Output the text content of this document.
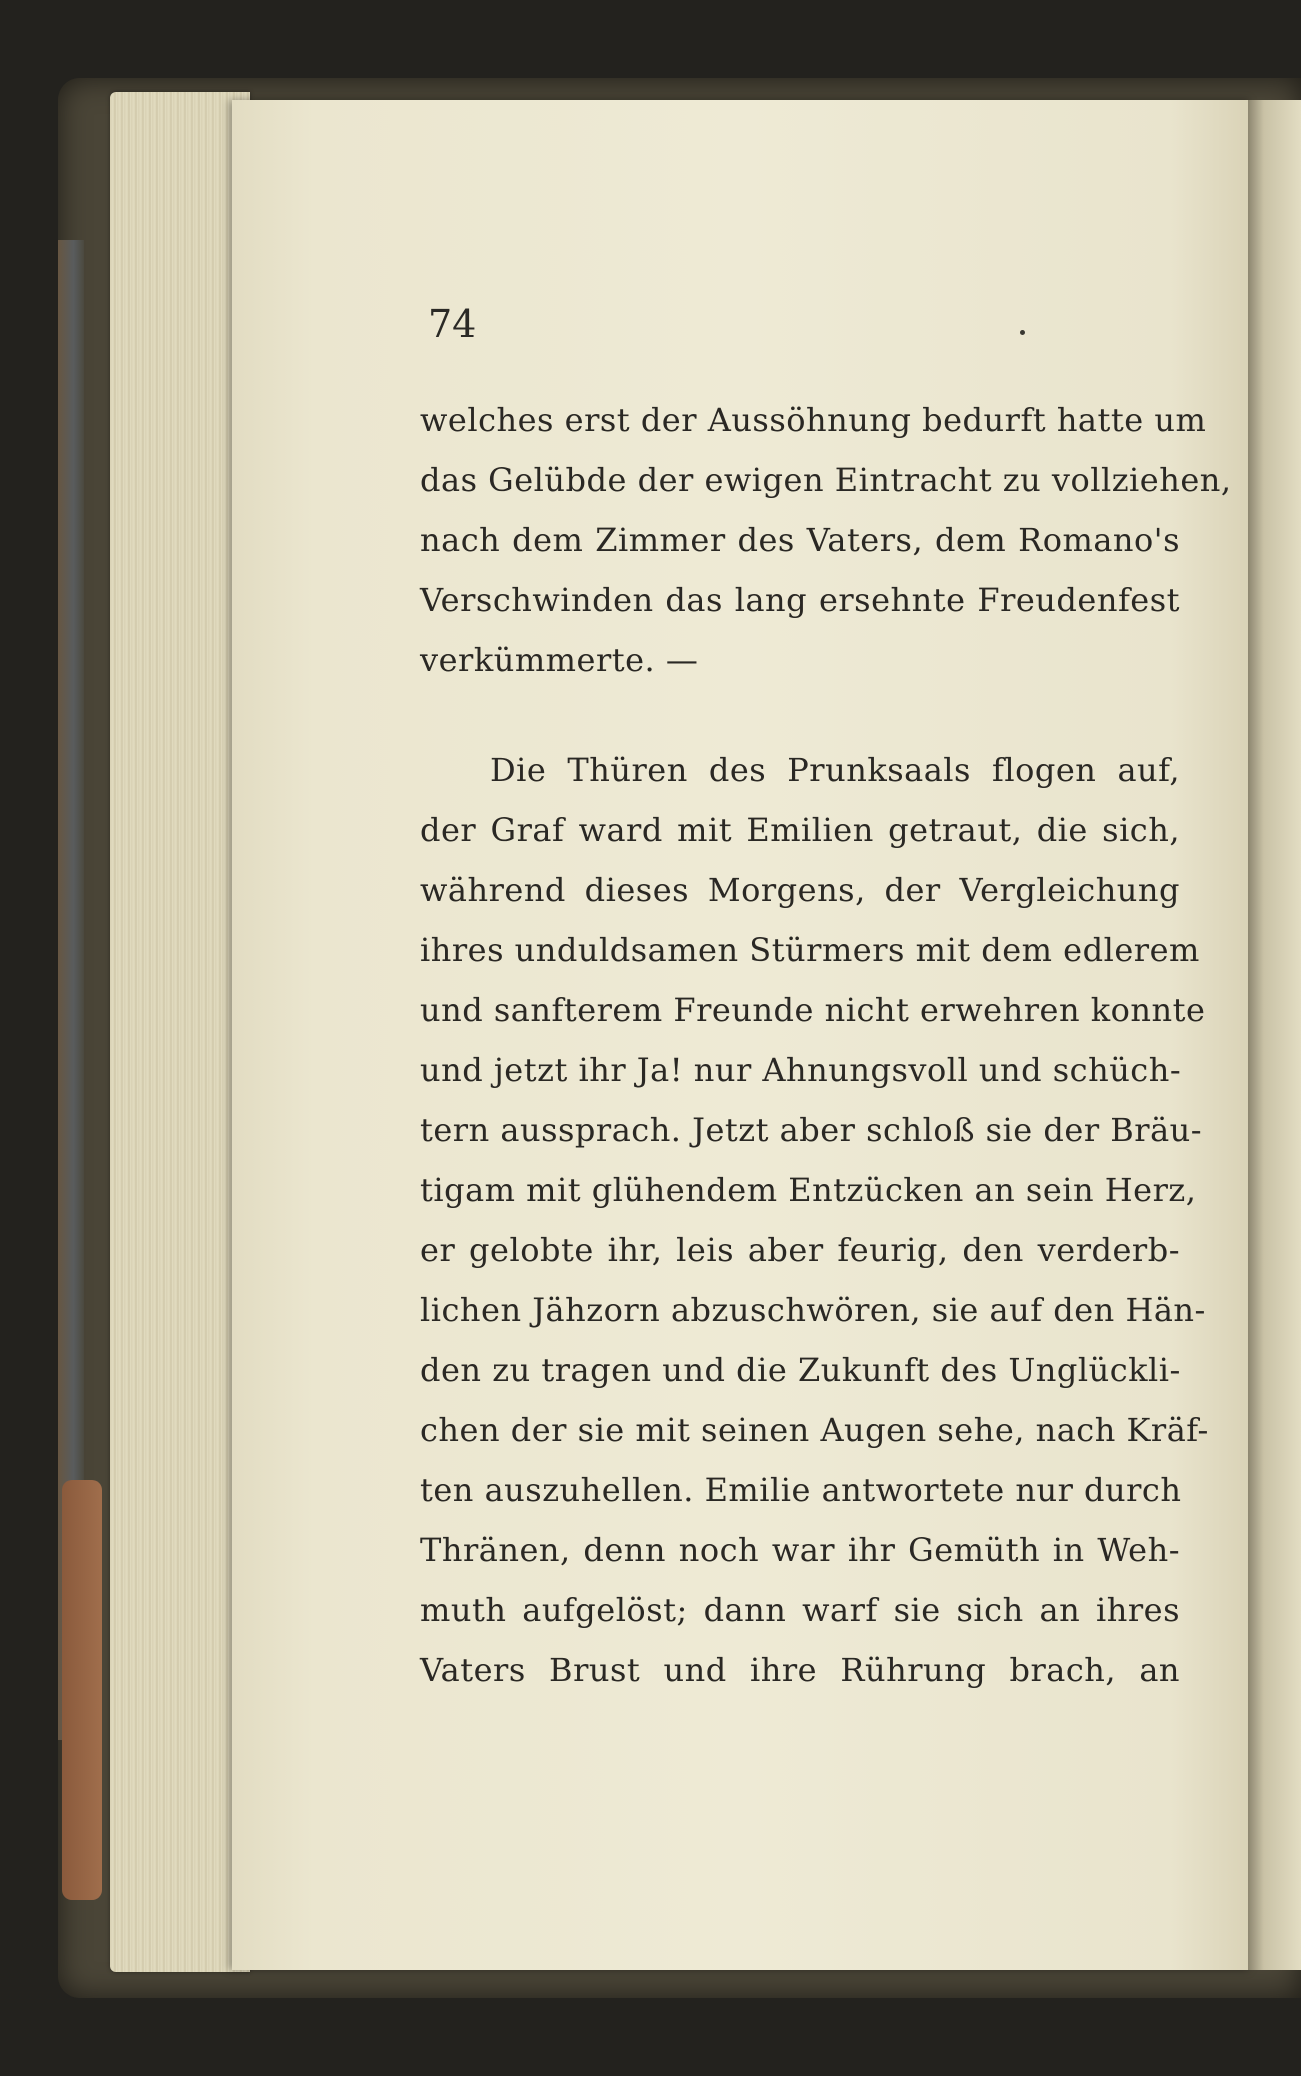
74
welches erst der Aussöhnung bedurft hatte um
das Gelübde der ewigen Eintracht zu vollziehen,
nach dem Zimmer des Vaters, dem Romano's
Verschwinden das lang ersehnte Freudenfest
verkümmerte. —
Die Thüren des Prunksaals flogen auf,
der Graf ward mit Emilien getraut, die sich,
während dieses Morgens, der Vergleichung
ihres unduldsamen Stürmers mit dem edlerem
und sanfterem Freunde nicht erwehren konnte
und jetzt ihr Ja! nur Ahnungsvoll und schüch-
tern aussprach. Jetzt aber schloß sie der Bräu-
tigam mit glühendem Entzücken an sein Herz,
er gelobte ihr, leis aber feurig, den verderb-
lichen Jähzorn abzuschwören, sie auf den Hän-
den zu tragen und die Zukunft des Unglückli-
chen der sie mit seinen Augen sehe, nach Kräf-
ten auszuhellen. Emilie antwortete nur durch
Thränen, denn noch war ihr Gemüth in Weh-
muth aufgelöst; dann warf sie sich an ihres
Vaters Brust und ihre Rührung brach, an
